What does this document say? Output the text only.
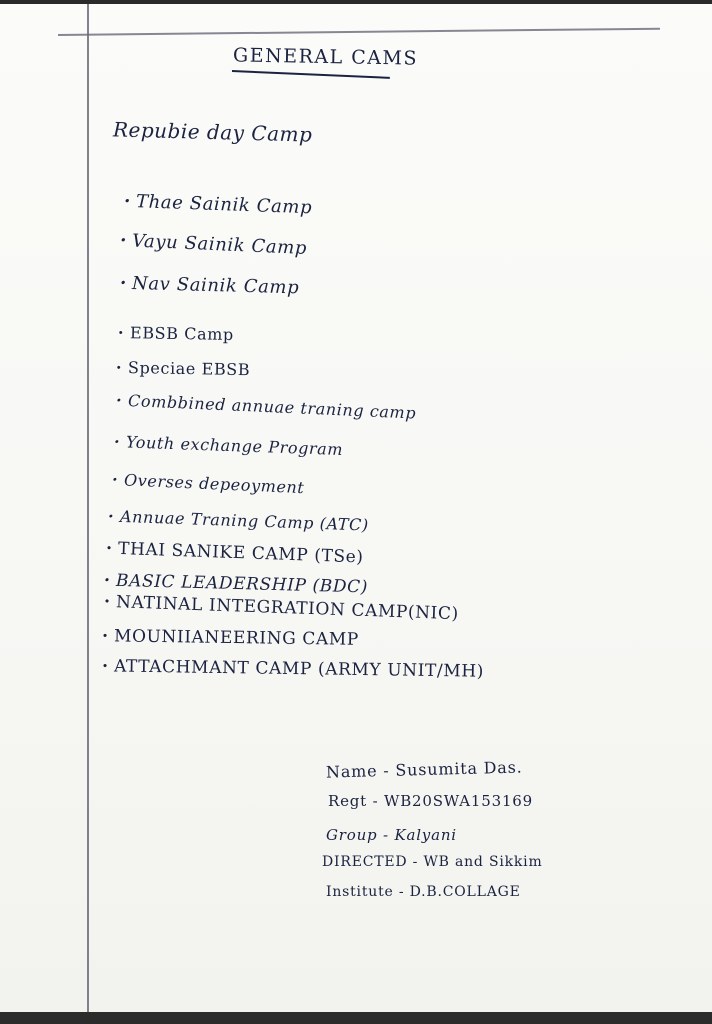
GENERAL CAMS
Repubie day Camp
· Thae Sainik Camp
· Vayu Sainik Camp
· Nav Sainik Camp
· EBSB Camp
· Speciae EBSB
· Combbined annuae traning camp
· Youth exchange Program
· Overses depeoyment
· Annuae Traning Camp (ATC)
· THAI SANIKE CAMP (TSe)
· BASIC LEADERSHIP (BDC)
· NATINAL INTEGRATION CAMP(NIC)
· MOUNIIANEERING CAMP
· ATTACHMANT CAMP (ARMY UNIT/MH)
Name - Susumita Das.
Regt - WB20SWA153169
Group - Kalyani
DIRECTED - WB and Sikkim
Institute - D.B.COLLAGE
